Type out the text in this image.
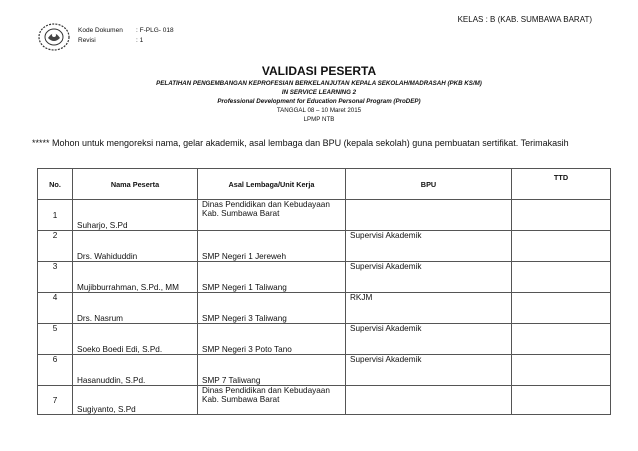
Kode Dokumen	: F-PLG- 018
Revisi	: 1
KELAS : B (KAB. SUMBAWA BARAT)
VALIDASI PESERTA
PELATIHAN PENGEMBANGAN KEPROFESIAN BERKELANJUTAN KEPALA SEKOLAH/MADRASAH (PKB KS/M)
IN SERVICE LEARNING 2
Professional Development for Education Personal Program (ProDEP)
TANGGAL 08 – 10 Maret 2015
LPMP NTB
***** Mohon untuk mengoreksi nama, gelar akademik, asal lembaga dan BPU (kepala sekolah) guna pembuatan sertifikat. Terimakasih
No.	Nama Peserta	Asal Lembaga/Unit Kerja	BPU	TTD
1	Suharjo, S.Pd	Dinas Pendidikan dan Kebudayaan Kab. Sumbawa Barat		
2	Drs. Wahiduddin	SMP Negeri 1 Jereweh	Supervisi Akademik	
3	Mujibburrahman, S.Pd., MM	SMP Negeri 1 Taliwang	Supervisi Akademik	
4	Drs. Nasrum	SMP Negeri 3 Taliwang	RKJM	
5	Soeko Boedi Edi, S.Pd.	SMP Negeri 3 Poto Tano	Supervisi Akademik	
6	Hasanuddin, S.Pd.	SMP 7 Taliwang	Supervisi Akademik	
7	Sugiyanto, S.Pd	Dinas Pendidikan dan Kebudayaan Kab. Sumbawa Barat		
